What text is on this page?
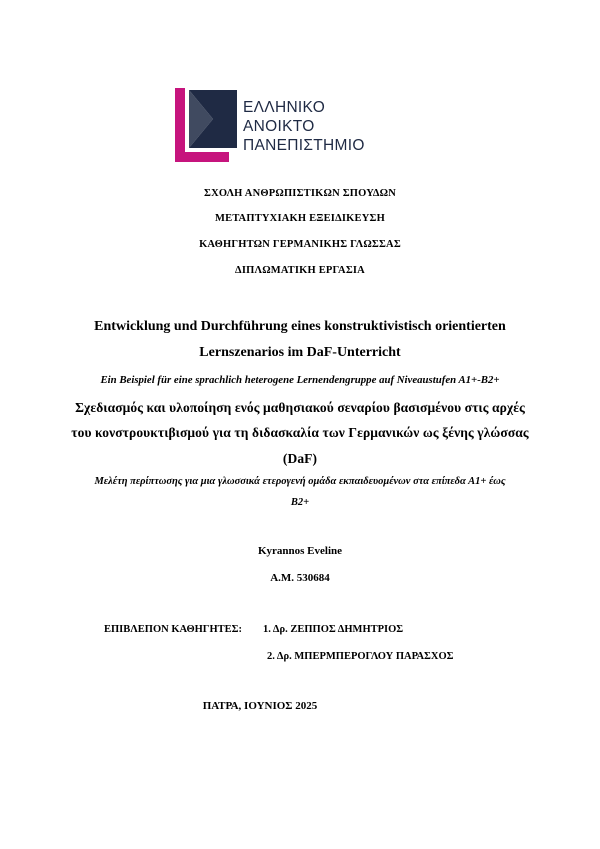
ΕΛΛΗΝΙΚΟ
ΑΝΟΙΚΤΟ
ΠΑΝΕΠΙΣΤΗΜΙΟ
ΣΧΟΛΗ ΑΝΘΡΩΠΙΣΤΙΚΩΝ ΣΠΟΥΔΩΝ
ΜΕΤΑΠΤΥΧΙΑΚΗ ΕΞΕΙΔΙΚΕΥΣΗ
ΚΑΘΗΓΗΤΩΝ ΓΕΡΜΑΝΙΚΗΣ ΓΛΩΣΣΑΣ
ΔΙΠΛΩΜΑΤΙΚΗ ΕΡΓΑΣΙΑ
Entwicklung und Durchführung eines konstruktivistisch orientierten
Lernszenarios im DaF-Unterricht
Ein Beispiel für eine sprachlich heterogene Lernendengruppe auf Niveaustufen A1+-B2+
Σχεδιασμός και υλοποίηση ενός μαθησιακού σεναρίου βασισμένου στις αρχές
του κονστρουκτιβισμού για τη διδασκαλία των Γερμανικών ως ξένης γλώσσας
(DaF)
Μελέτη περίπτωσης για μια γλωσσικά ετερογενή ομάδα εκπαιδευομένων στα επίπεδα Α1+ έως
Β2+
Kyrannos Eveline
A.M. 530684
ΕΠΙΒΛΕΠΟΝ ΚΑΘΗΓΗΤΕΣ: 1. Δρ. ΖΕΠΠΟΣ ΔΗΜΗΤΡΙΟΣ
2. Δρ. ΜΠΕΡΜΠΕΡΟΓΛΟΥ ΠΑΡΑΣΧΟΣ
ΠΑΤΡΑ, ΙΟΥΝΙΟΣ 2025
